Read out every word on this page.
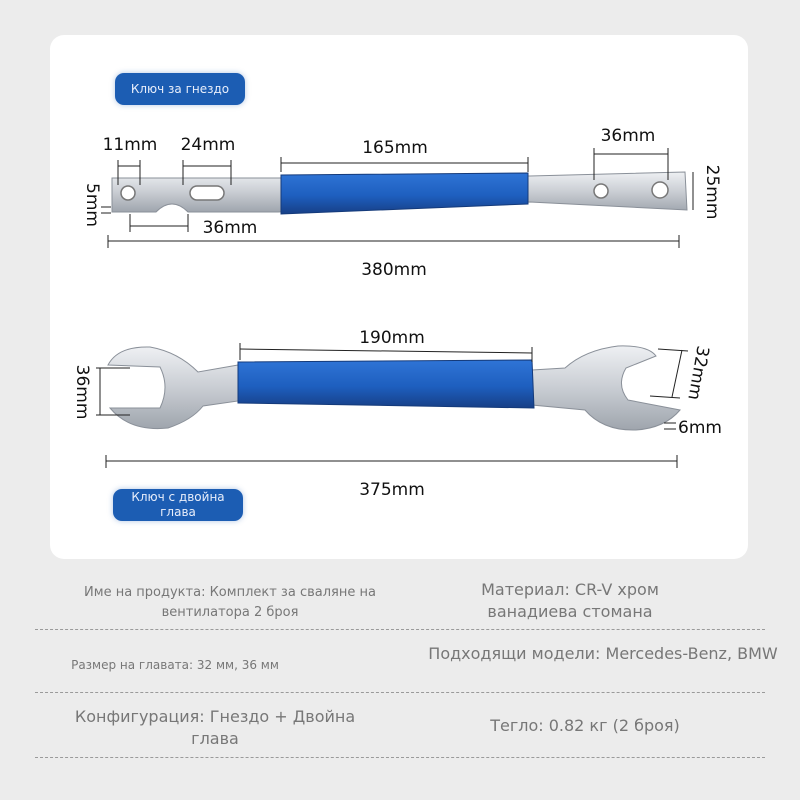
Ключ за гнездо
Ключ с двойна глава
11mm 24mm	165mm
36mm
36mm
380mm
5mm	25mm
190mm
36mm	32mm
6mm
375mm
Име на продукта: Комплект за сваляне на вентилатора 2 броя
Материал: CR-V хром ванадиева стомана
Размер на главата: 32 мм, 36 мм
Подходящи модели: Mercedes-Benz, BMW
Конфигурация: Гнездо + Двойна глава
Тегло: 0.82 кг (2 броя)
